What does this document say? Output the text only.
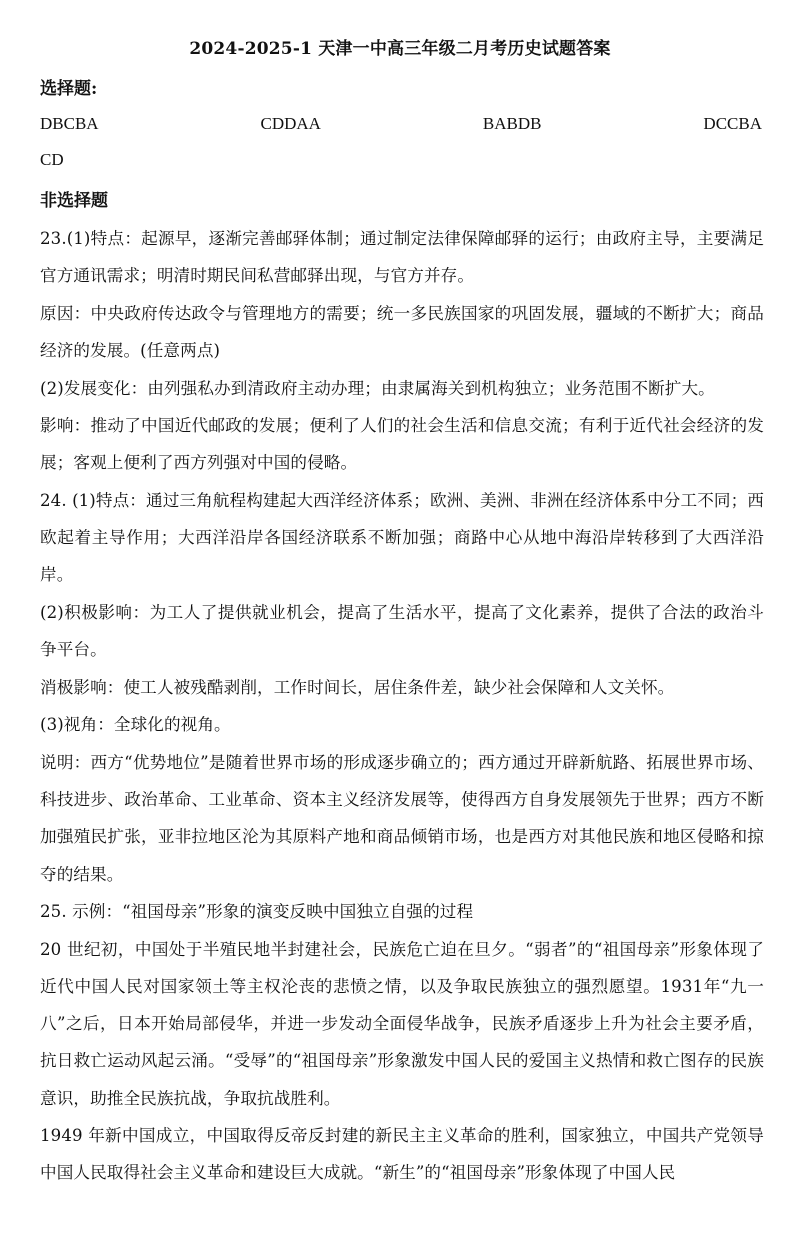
2024-2025-1 天津一中高三年级二月考历史试题答案
选择题:
DBCBA	CDDAA	BABDB	DCCBA
CD
非选择题

23.(1)特点：起源早，逐渐完善邮驿体制；通过制定法律保障邮驿的运行；由政府主导，主要满足官方通讯需求；明清时期民间私营邮驿出现，与官方并存。

原因：中央政府传达政令与管理地方的需要；统一多民族国家的巩固发展，疆域的不断扩大；商品经济的发展。(任意两点)

(2)发展变化：由列强私办到清政府主动办理；由隶属海关到机构独立；业务范围不断扩大。

影响：推动了中国近代邮政的发展；便利了人们的社会生活和信息交流；有利于近代社会经济的发展；客观上便利了西方列强对中国的侵略。

24. (1)特点：通过三角航程构建起大西洋经济体系；欧洲、美洲、非洲在经济体系中分工不同；西欧起着主导作用；大西洋沿岸各国经济联系不断加强；商路中心从地中海沿岸转移到了大西洋沿岸。

(2)积极影响：为工人了提供就业机会，提高了生活水平，提高了文化素养，提供了合法的政治斗争平台。

消极影响：使工人被残酷剥削，工作时间长，居住条件差，缺少社会保障和人文关怀。

(3)视角：全球化的视角。

说明：西方“优势地位”是随着世界市场的形成逐步确立的；西方通过开辟新航路、拓展世界市场、科技进步、政治革命、工业革命、资本主义经济发展等，使得西方自身发展领先于世界；西方不断加强殖民扩张，亚非拉地区沦为其原料产地和商品倾销市场，也是西方对其他民族和地区侵略和掠夺的结果。

25. 示例：“祖国母亲”形象的演变反映中国独立自强的过程

20 世纪初，中国处于半殖民地半封建社会，民族危亡迫在旦夕。“弱者”的“祖国母亲”形象体现了近代中国人民对国家领土等主权沦丧的悲愤之情，以及争取民族独立的强烈愿望。1931年“九一八”之后，日本开始局部侵华，并进一步发动全面侵华战争，民族矛盾逐步上升为社会主要矛盾，抗日救亡运动风起云涌。“受辱”的“祖国母亲”形象激发中国人民的爱国主义热情和救亡图存的民族意识，助推全民族抗战，争取抗战胜利。

1949 年新中国成立，中国取得反帝反封建的新民主主义革命的胜利，国家独立，中国共产党领导中国人民取得社会主义革命和建设巨大成就。“新生”的“祖国母亲”形象体现了中国人民
